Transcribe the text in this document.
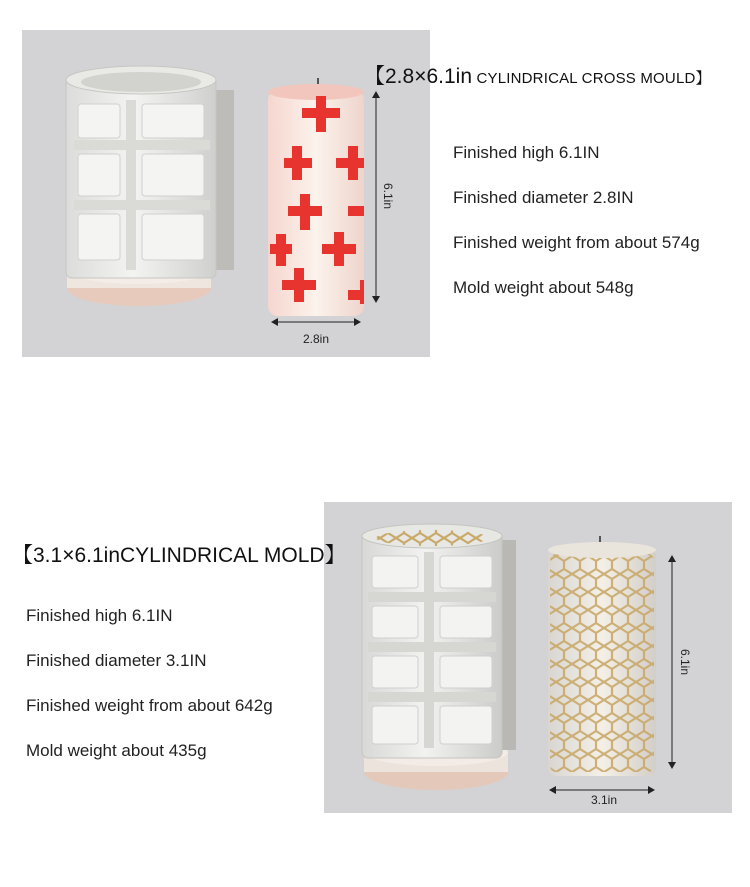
6.1in
2.8in
【2.8×6.1in CYLINDRICAL CROSS MOULD】
Finished high 6.1IN
Finished diameter 2.8IN
Finished weight from about 574g
Mold weight about 548g
6.1in
3.1in
【3.1×6.1inCYLINDRICAL MOLD】
Finished high 6.1IN
Finished diameter 3.1IN
Finished weight from about 642g
Mold weight about 435g
